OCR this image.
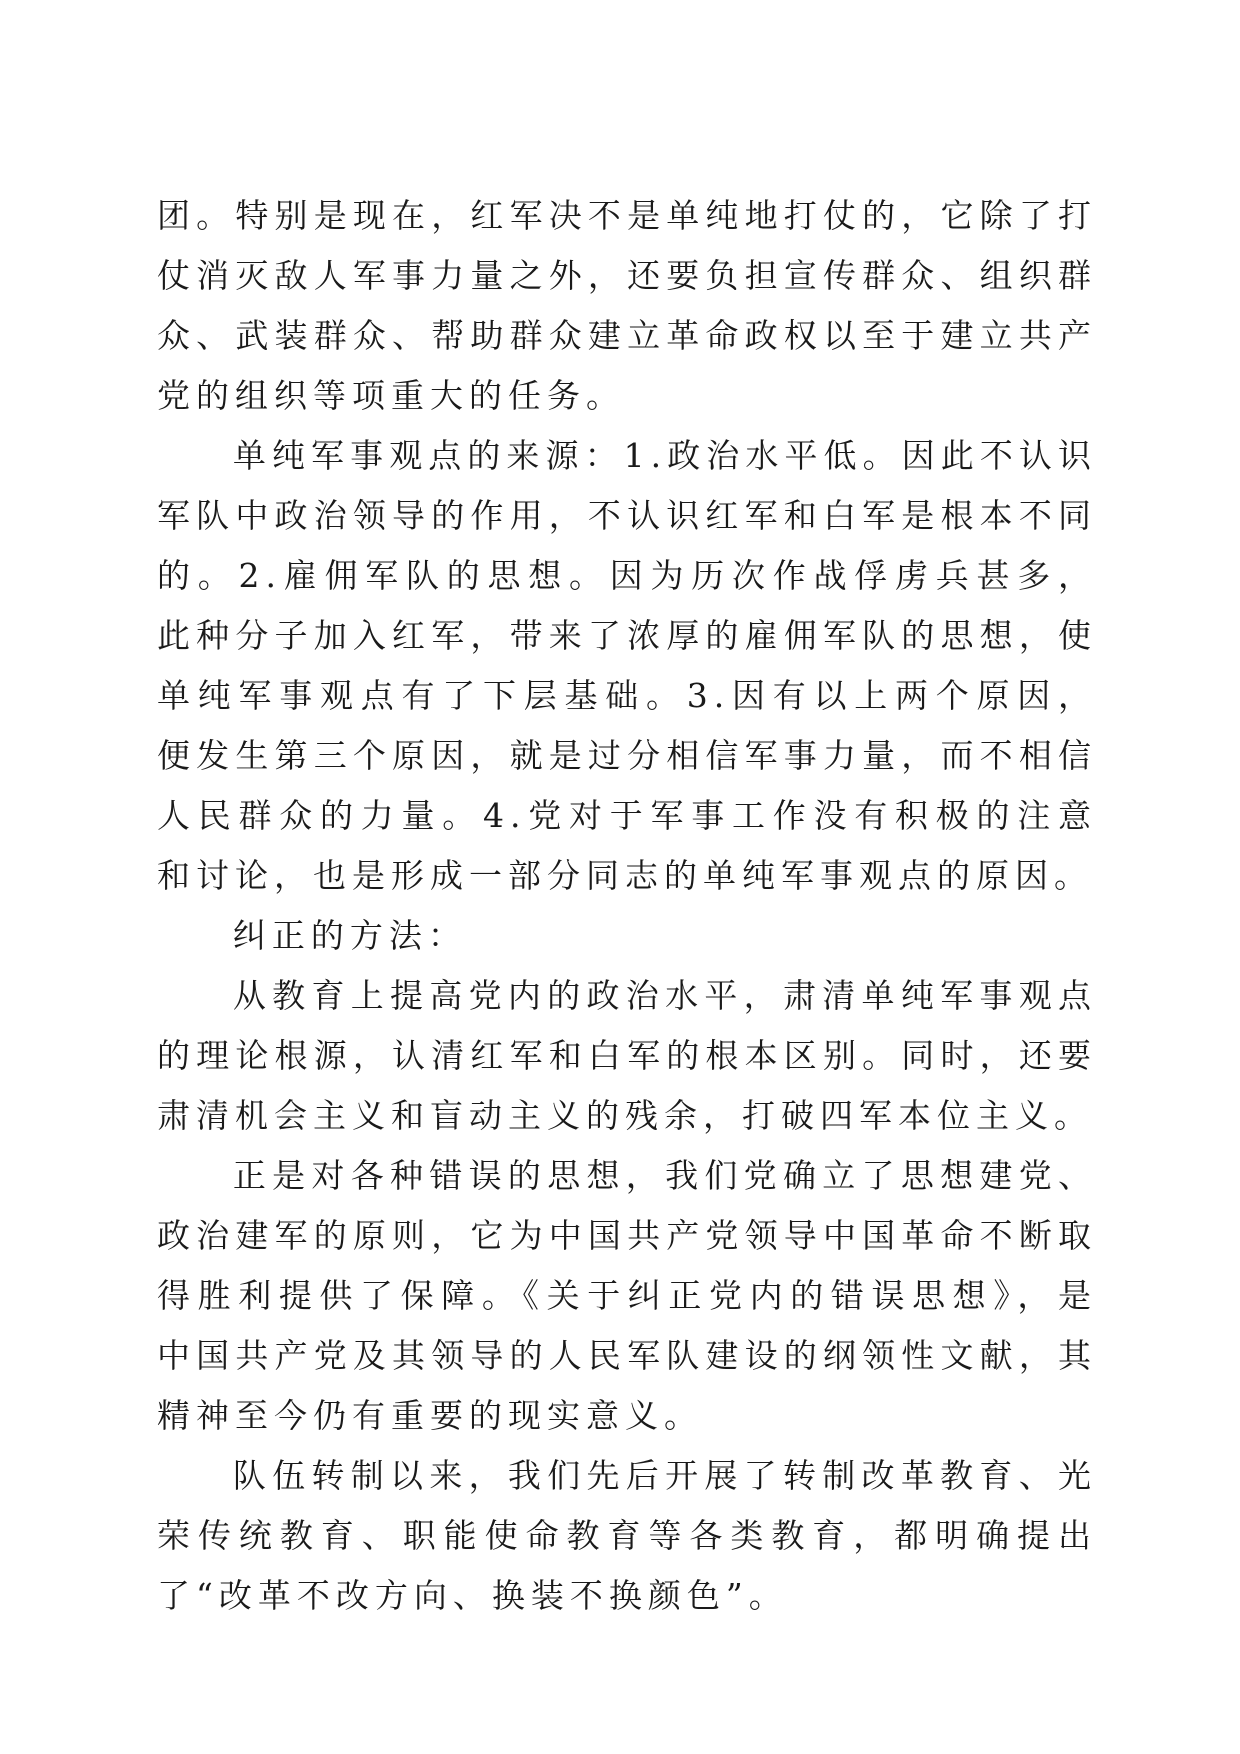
团。特别是现在，红军决不是单纯地打仗的，它除了打仗消灭敌人军事力量之外，还要负担宣传群众、组织群众、武装群众、帮助群众建立革命政权以至于建立共产党的组织等项重大的任务。

单纯军事观点的来源：1.政治水平低。因此不认识军队中政治领导的作用，不认识红军和白军是根本不同的。2.雇佣军队的思想。因为历次作战俘虏兵甚多，此种分子加入红军，带来了浓厚的雇佣军队的思想，使单纯军事观点有了下层基础。3.因有以上两个原因，便发生第三个原因，就是过分相信军事力量，而不相信人民群众的力量。4.党对于军事工作没有积极的注意和讨论，也是形成一部分同志的单纯军事观点的原因。

纠正的方法：

从教育上提高党内的政治水平，肃清单纯军事观点的理论根源，认清红军和白军的根本区别。同时，还要肃清机会主义和盲动主义的残余，打破四军本位主义。

正是对各种错误的思想，我们党确立了思想建党、政治建军的原则，它为中国共产党领导中国革命不断取得胜利提供了保障。《关于纠正党内的错误思想》，是中国共产党及其领导的人民军队建设的纲领性文献，其精神至今仍有重要的现实意义。

队伍转制以来，我们先后开展了转制改革教育、光荣传统教育、职能使命教育等各类教育，都明确提出了“改革不改方向、换装不换颜色”。
